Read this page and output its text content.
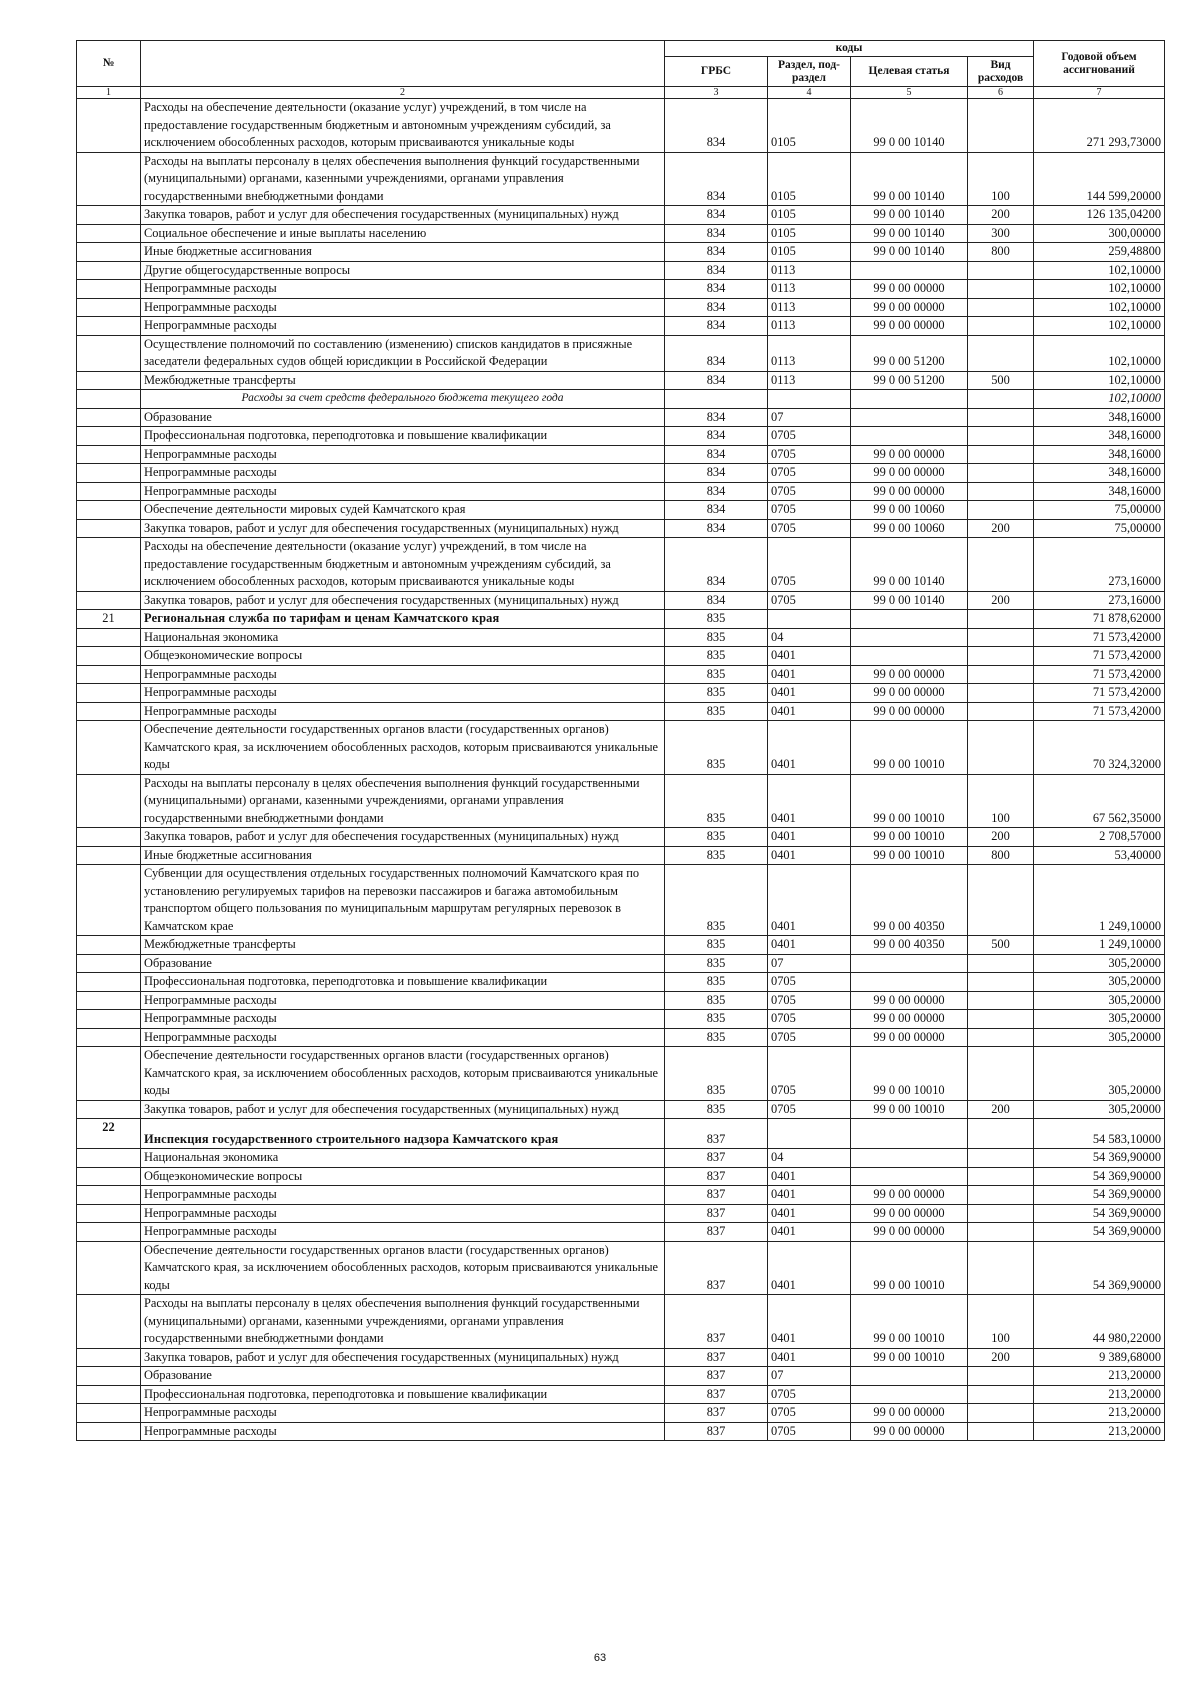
№		коды				Годовой объем ассигнований
		ГРБС	Раздел, под-раздел	Целевая статья	Вид расходов	
1	2	3	4	5	6	7
	Расходы на обеспечение деятельности (оказание услуг) учреждений, в том числе на предоставление государственным бюджетным и автономным учреждениям субсидий, за исключением обособленных расходов, которым присваиваются уникальные коды	834	0105	99 0 00 10140		271 293,73000
	Расходы на выплаты персоналу в целях обеспечения выполнения функций государственными (муниципальными) органами, казенными учреждениями, органами управления государственными внебюджетными фондами	834	0105	99 0 00 10140	100	144 599,20000
	Закупка товаров, работ и услуг для обеспечения государственных (муниципальных) нужд	834	0105	99 0 00 10140	200	126 135,04200
	Социальное обеспечение и иные выплаты населению	834	0105	99 0 00 10140	300	300,00000
	Иные бюджетные ассигнования	834	0105	99 0 00 10140	800	259,48800
	Другие общегосударственные вопросы	834	0113			102,10000
	Непрограммные расходы	834	0113	99 0 00 00000		102,10000
	Непрограммные расходы	834	0113	99 0 00 00000		102,10000
	Непрограммные расходы	834	0113	99 0 00 00000		102,10000
	Осуществление полномочий по составлению (изменению) списков кандидатов в присяжные заседатели федеральных судов общей юрисдикции в Российской Федерации	834	0113	99 0 00 51200		102,10000
	Межбюджетные трансферты	834	0113	99 0 00 51200	500	102,10000
	Расходы за счет средств федерального бюджета текущего года					102,10000
	Образование	834	07			348,16000
	Профессиональная подготовка, переподготовка и повышение квалификации	834	0705			348,16000
	Непрограммные расходы	834	0705	99 0 00 00000		348,16000
	Непрограммные расходы	834	0705	99 0 00 00000		348,16000
	Непрограммные расходы	834	0705	99 0 00 00000		348,16000
	Обеспечение деятельности мировых судей Камчатского края	834	0705	99 0 00 10060		75,00000
	Закупка товаров, работ и услуг для обеспечения государственных (муниципальных) нужд	834	0705	99 0 00 10060	200	75,00000
	Расходы на обеспечение деятельности (оказание услуг) учреждений, в том числе на предоставление государственным бюджетным и автономным учреждениям субсидий, за исключением обособленных расходов, которым присваиваются уникальные коды	834	0705	99 0 00 10140		273,16000
	Закупка товаров, работ и услуг для обеспечения государственных (муниципальных) нужд	834	0705	99 0 00 10140	200	273,16000
21	Региональная служба по тарифам и ценам Камчатского края	835				71 878,62000
	Национальная экономика	835	04			71 573,42000
	Общеэкономические вопросы	835	0401			71 573,42000
	Непрограммные расходы	835	0401	99 0 00 00000		71 573,42000
	Непрограммные расходы	835	0401	99 0 00 00000		71 573,42000
	Непрограммные расходы	835	0401	99 0 00 00000		71 573,42000
	Обеспечение деятельности государственных органов власти (государственных органов) Камчатского края, за исключением обособленных расходов, которым присваиваются уникальные коды	835	0401	99 0 00 10010		70 324,32000
	Расходы на выплаты персоналу в целях обеспечения выполнения функций государственными (муниципальными) органами, казенными учреждениями, органами управления государственными внебюджетными фондами	835	0401	99 0 00 10010	100	67 562,35000
	Закупка товаров, работ и услуг для обеспечения государственных (муниципальных) нужд	835	0401	99 0 00 10010	200	2 708,57000
	Иные бюджетные ассигнования	835	0401	99 0 00 10010	800	53,40000
	Субвенции для осуществления отдельных государственных полномочий Камчатского края по установлению регулируемых тарифов на перевозки пассажиров и багажа автомобильным транспортом общего пользования по муниципальным маршрутам регулярных перевозок в Камчатском крае	835	0401	99 0 00 40350		1 249,10000
	Межбюджетные трансферты	835	0401	99 0 00 40350	500	1 249,10000
	Образование	835	07			305,20000
	Профессиональная подготовка, переподготовка и повышение квалификации	835	0705			305,20000
	Непрограммные расходы	835	0705	99 0 00 00000		305,20000
	Непрограммные расходы	835	0705	99 0 00 00000		305,20000
	Непрограммные расходы	835	0705	99 0 00 00000		305,20000
	Обеспечение деятельности государственных органов власти (государственных органов) Камчатского края, за исключением обособленных расходов, которым присваиваются уникальные коды	835	0705	99 0 00 10010		305,20000
	Закупка товаров, работ и услуг для обеспечения государственных (муниципальных) нужд	835	0705	99 0 00 10010	200	305,20000
22	Инспекция государственного строительного надзора Камчатского края	837				54 583,10000
	Национальная экономика	837	04			54 369,90000
	Общеэкономические вопросы	837	0401			54 369,90000
	Непрограммные расходы	837	0401	99 0 00 00000		54 369,90000
	Непрограммные расходы	837	0401	99 0 00 00000		54 369,90000
	Непрограммные расходы	837	0401	99 0 00 00000		54 369,90000
	Обеспечение деятельности государственных органов власти (государственных органов) Камчатского края, за исключением обособленных расходов, которым присваиваются уникальные коды	837	0401	99 0 00 10010		54 369,90000
	Расходы на выплаты персоналу в целях обеспечения выполнения функций государственными (муниципальными) органами, казенными учреждениями, органами управления государственными внебюджетными фондами	837	0401	99 0 00 10010	100	44 980,22000
	Закупка товаров, работ и услуг для обеспечения государственных (муниципальных) нужд	837	0401	99 0 00 10010	200	9 389,68000
	Образование	837	07			213,20000
	Профессиональная подготовка, переподготовка и повышение квалификации	837	0705			213,20000
	Непрограммные расходы	837	0705	99 0 00 00000		213,20000
	Непрограммные расходы	837	0705	99 0 00 00000		213,20000
63
